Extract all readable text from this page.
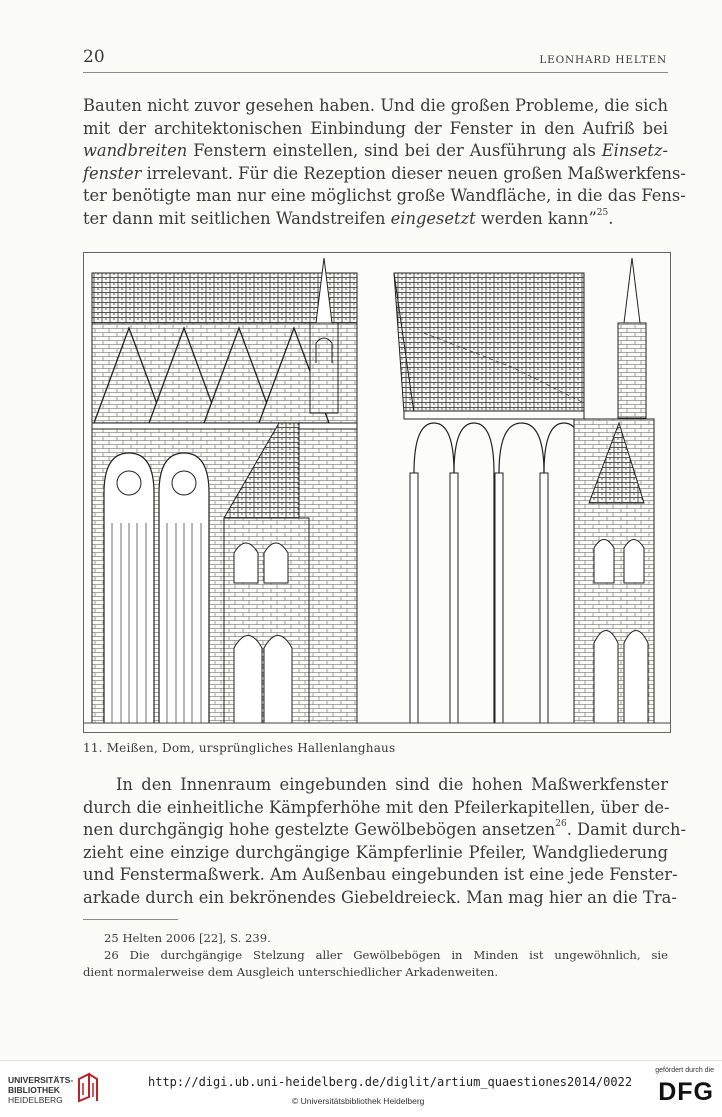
20	LEONHARD HELTEN
Bauten nicht zuvor gesehen haben. Und die großen Probleme, die sich
mit der architektonischen Einbindung der Fenster in den Aufriß bei
wandbreiten Fenstern einstellen, sind bei der Ausführung als Einsetz-
fenster irrelevant. Für die Rezeption dieser neuen großen Maßwerkfens-
ter benötigte man nur eine möglichst große Wandfläche, in die das Fens-
ter dann mit seitlichen Wandstreifen eingesetzt werden kann”$^{25}$.
11. Meißen, Dom, ursprüngliches Hallenlanghaus
In den Innenraum eingebunden sind die hohen Maßwerkfenster
durch die einheitliche Kämpferhöhe mit den Pfeilerkapitellen, über de-
nen durchgängig hohe gestelzte Gewölbebögen ansetzen$^{26}$. Damit durch-
zieht eine einzige durchgängige Kämpferlinie Pfeiler, Wandgliederung
und Fenstermaßwerk. Am Außenbau eingebunden ist eine jede Fenster-
arkade durch ein bekrönendes Giebeldreieck. Man mag hier an die Tra-
25 Helten 2006 [22], S. 239.
26 Die durchgängige Stelzung aller Gewölbebögen in Minden ist ungewöhnlich, sie
dient normalerweise dem Ausgleich unterschiedlicher Arkadenweiten.
UNIVERSITÄTS-
BIBLIOTHEK
HEIDELBERG
http://digi.ub.uni-heidelberg.de/diglit/artium_quaestiones2014/0022
© Universitätsbibliothek Heidelberg
gefördert durch die
DFG
